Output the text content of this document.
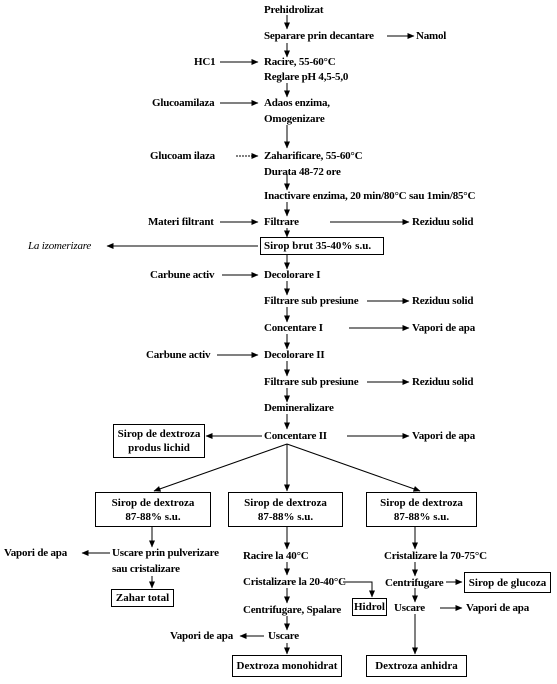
Prehidrolizat
Separare prin decantare	Namol
HC1	Racire, 55-60°C
Reglare pH 4,5-5,0
Glucoamilaza	Adaos enzima,
Omogenizare
Glucoam ilaza	Zaharificare, 55-60°C
Durata 48-72 ore
Inactivare enzima, 20 min/80°C sau 1min/85°C
Materi filtrant	Filtrare	Reziduu solid
La izomerizare	Sirop brut 35-40% s.u.
Carbune activ	Decolorare I
Filtrare sub presiune	Reziduu solid
Concentare I	Vapori de apa
Carbune activ	Decolorare II
Filtrare sub presiune	Reziduu solid
Demineralizare
Sirop de dextroza
produs lichid
Concentare II	Vapori de apa
Sirop de dextroza
87-88% s.u.
Uscare prin pulverizare
sau cristalizare
Vapori de apa
Zahar total
Sirop de dextroza
87-88% s.u.
Racire la 40°C
Cristalizare la 20-40°C
Centrifugare, Spalare Hidrol
Uscare
Vapori de apa
Dextroza monohidrat
Sirop de dextroza
87-88% s.u.
Cristalizare la 70-75°C
Centrifugare Sirop de glucoza
Uscare	Vapori de apa
Dextroza anhidra
